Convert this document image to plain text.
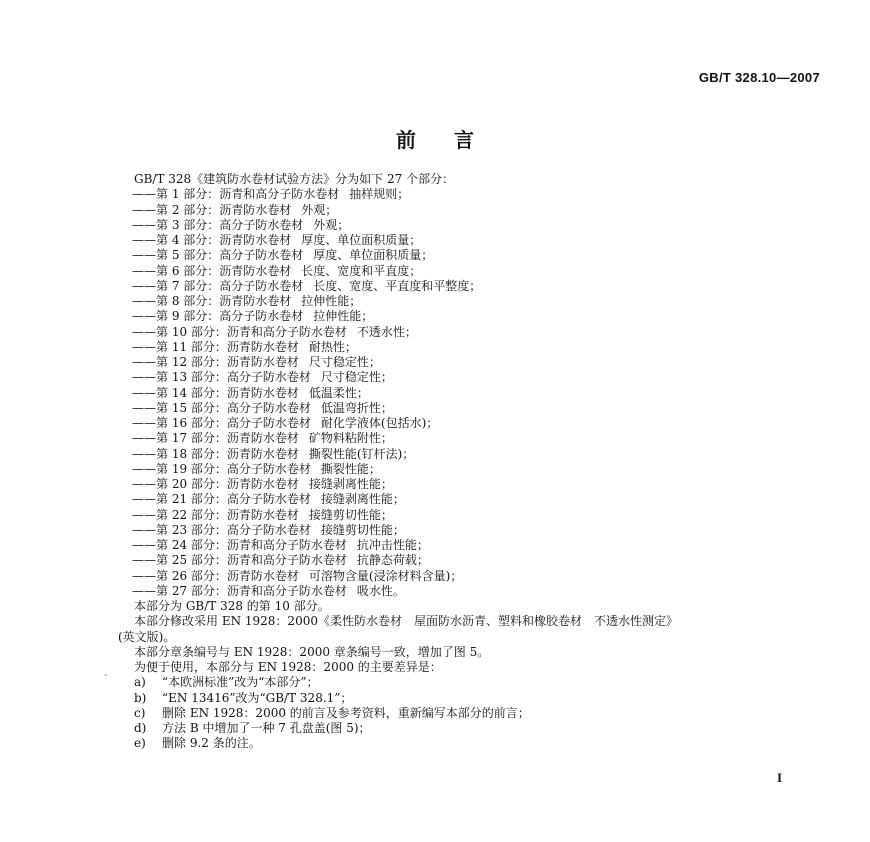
GB/T 328.10—2007
前言
GB/T 328《建筑防水卷材试验方法》分为如下 27 个部分：
——第 1 部分：沥青和高分子防水卷材 抽样规则；
——第 2 部分：沥青防水卷材 外观；
——第 3 部分：高分子防水卷材 外观；
——第 4 部分：沥青防水卷材 厚度、单位面积质量；
——第 5 部分：高分子防水卷材 厚度、单位面积质量；
——第 6 部分：沥青防水卷材 长度、宽度和平直度；
——第 7 部分：高分子防水卷材 长度、宽度、平直度和平整度；
——第 8 部分：沥青防水卷材 拉伸性能；
——第 9 部分：高分子防水卷材 拉伸性能；
——第 10 部分：沥青和高分子防水卷材 不透水性；
——第 11 部分：沥青防水卷材 耐热性；
——第 12 部分：沥青防水卷材 尺寸稳定性；
——第 13 部分：高分子防水卷材 尺寸稳定性；
——第 14 部分：沥青防水卷材 低温柔性；
——第 15 部分：高分子防水卷材 低温弯折性；
——第 16 部分：高分子防水卷材 耐化学液体(包括水)；
——第 17 部分：沥青防水卷材 矿物料粘附性；
——第 18 部分：沥青防水卷材 撕裂性能(钉杆法)；
——第 19 部分：高分子防水卷材 撕裂性能；
——第 20 部分：沥青防水卷材 接缝剥离性能；
——第 21 部分：高分子防水卷材 接缝剥离性能；
——第 22 部分：沥青防水卷材 接缝剪切性能；
——第 23 部分：高分子防水卷材 接缝剪切性能；
——第 24 部分：沥青和高分子防水卷材 抗冲击性能；
——第 25 部分：沥青和高分子防水卷材 抗静态荷载；
——第 26 部分：沥青防水卷材 可溶物含量(浸涂材料含量)；
——第 27 部分：沥青和高分子防水卷材 吸水性。
本部分为 GB/T 328 的第 10 部分。
本部分修改采用 EN 1928：2000《柔性防水卷材　屋面防水沥青、塑料和橡胶卷材　不透水性测定》
(英文版)。
本部分章条编号与 EN 1928：2000 章条编号一致，增加了图 5。
为便于使用，本部分与 EN 1928：2000 的主要差异是：
a) “本欧洲标准”改为“本部分”；
b) “EN 13416”改为“GB/T 328.1”；
c) 删除 EN 1928：2000 的前言及参考资料，重新编写本部分的前言；
d) 方法 B 中增加了一种 7 孔盘盖(图 5)；
e) 删除 9.2 条的注。
-
I
